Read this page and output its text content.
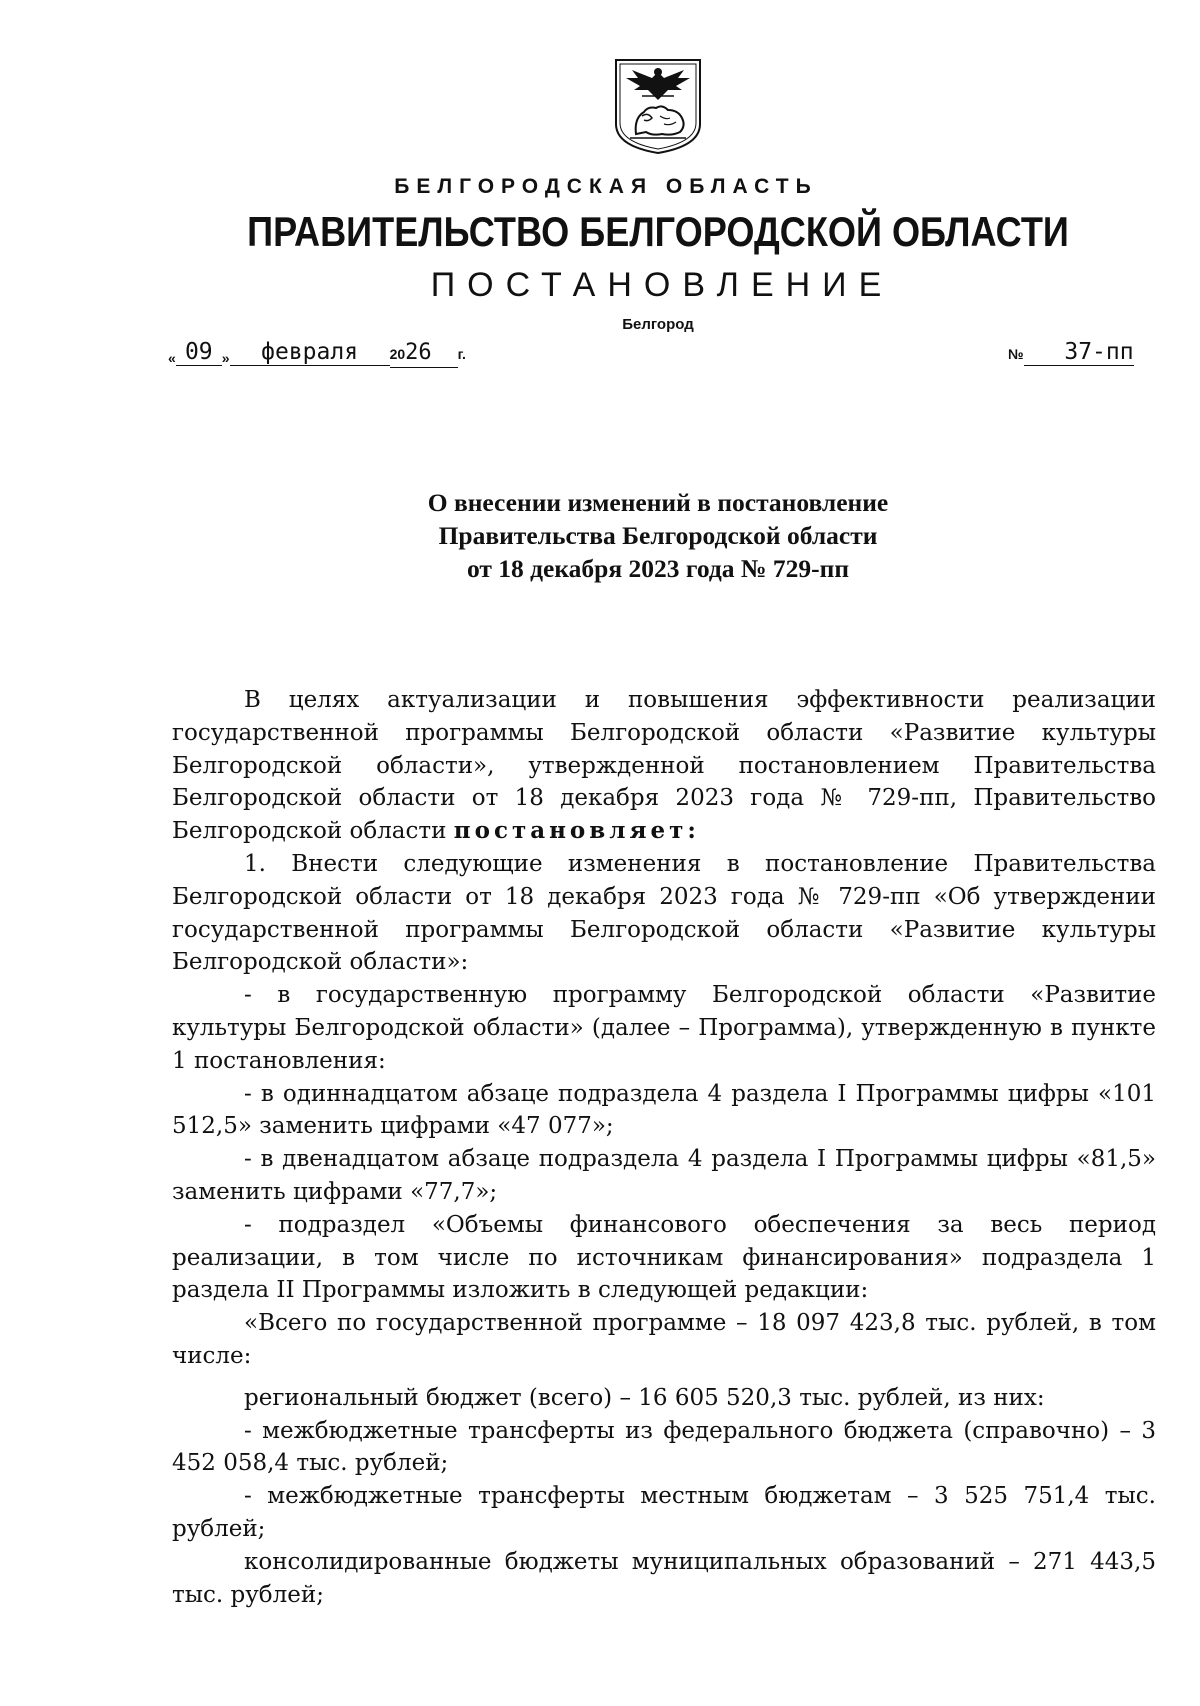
БЕЛГОРОДСКАЯ ОБЛАСТЬ
ПРАВИТЕЛЬСТВО БЕЛГОРОДСКОЙ ОБЛАСТИ
ПОСТАНОВЛЕНИЕ
Белгород
« 09 » февраля 2026 г.	№ 37-пп
О внесении изменений в постановление
Правительства Белгородской области
от 18 декабря 2023 года № 729-пп

В целях актуализации и повышения эффективности реализации государственной программы Белгородской области «Развитие культуры Белгородской области», утвержденной постановлением Правительства Белгородской области от 18 декабря 2023 года № 729-пп, Правительство Белгородской области постановляет:

1. Внести следующие изменения в постановление Правительства Белгородской области от 18 декабря 2023 года № 729-пп «Об утверждении государственной программы Белгородской области «Развитие культуры Белгородской области»:

- в государственную программу Белгородской области «Развитие культуры Белгородской области» (далее – Программа), утвержденную в пункте 1 постановления:

- в одиннадцатом абзаце подраздела 4 раздела I Программы цифры «101 512,5» заменить цифрами «47 077»;

- в двенадцатом абзаце подраздела 4 раздела I Программы цифры «81,5» заменить цифрами «77,7»;

- подраздел «Объемы финансового обеспечения за весь период реализации, в том числе по источникам финансирования» подраздела 1 раздела II Программы изложить в следующей редакции:

«Всего по государственной программе – 18 097 423,8 тыс. рублей, в том числе:

региональный бюджет (всего) – 16 605 520,3 тыс. рублей, из них:

- межбюджетные трансферты из федерального бюджета (справочно) – 3 452 058,4 тыс. рублей;

- межбюджетные трансферты местным бюджетам – 3 525 751,4 тыс. рублей;

консолидированные бюджеты муниципальных образований – 271 443,5 тыс. рублей;
